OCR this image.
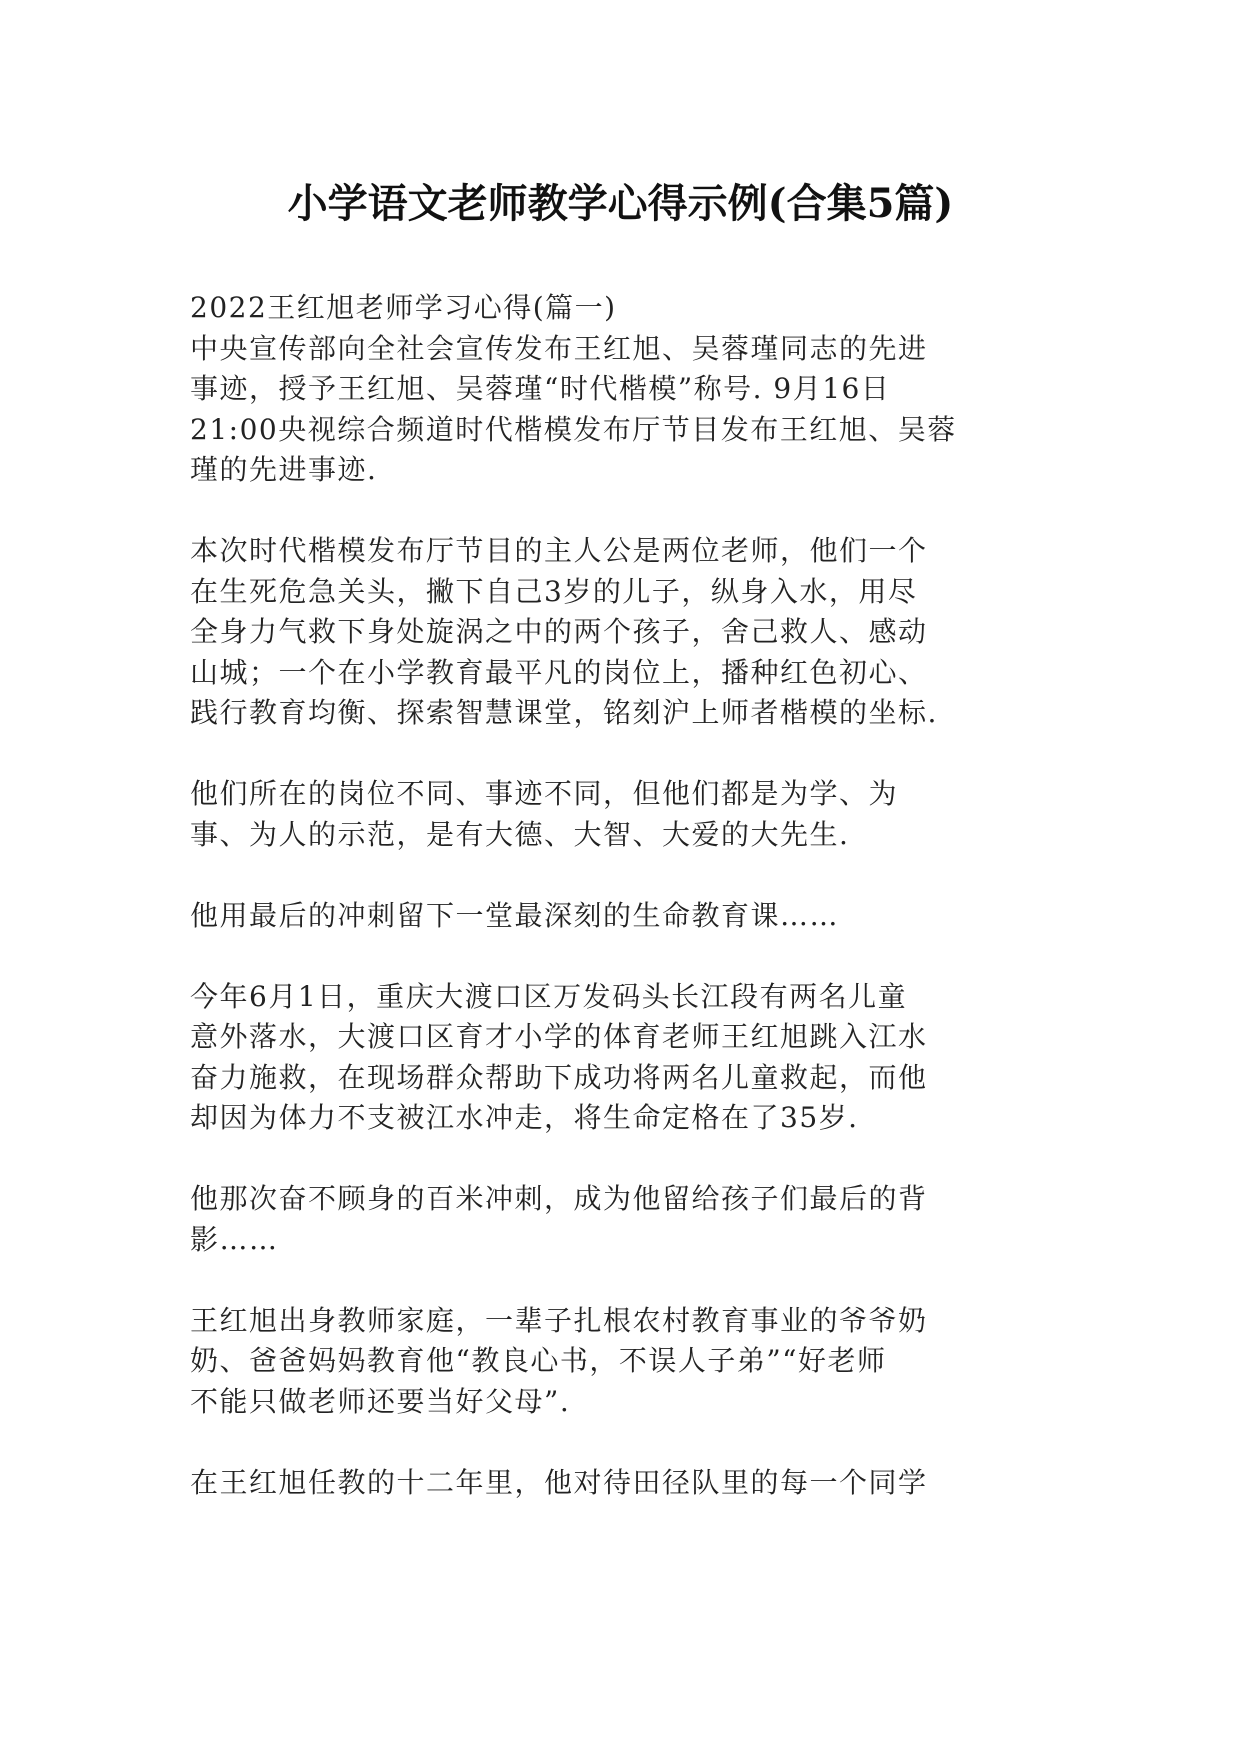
小学语文老师教学心得示例(合集5篇)

2022王红旭老师学习心得(篇一)

中央宣传部向全社会宣传发布王红旭、吴蓉瑾同志的先进
事迹，授予王红旭、吴蓉瑾“时代楷模”称号. 9月16日
21:00央视综合频道时代楷模发布厅节目发布王红旭、吴蓉
瑾的先进事迹.

本次时代楷模发布厅节目的主人公是两位老师，他们一个
在生死危急关头，撇下自己3岁的儿子，纵身入水，用尽
全身力气救下身处旋涡之中的两个孩子，舍己救人、感动
山城；一个在小学教育最平凡的岗位上，播种红色初心、
践行教育均衡、探索智慧课堂，铭刻沪上师者楷模的坐标.

他们所在的岗位不同、事迹不同，但他们都是为学、为
事、为人的示范，是有大德、大智、大爱的大先生.

他用最后的冲刺留下一堂最深刻的生命教育课……

今年6月1日，重庆大渡口区万发码头长江段有两名儿童
意外落水，大渡口区育才小学的体育老师王红旭跳入江水
奋力施救，在现场群众帮助下成功将两名儿童救起，而他
却因为体力不支被江水冲走，将生命定格在了35岁.

他那次奋不顾身的百米冲刺，成为他留给孩子们最后的背
影……

王红旭出身教师家庭，一辈子扎根农村教育事业的爷爷奶
奶、爸爸妈妈教育他“教良心书，不误人子弟”“好老师
不能只做老师还要当好父母”.

在王红旭任教的十二年里，他对待田径队里的每一个同学
